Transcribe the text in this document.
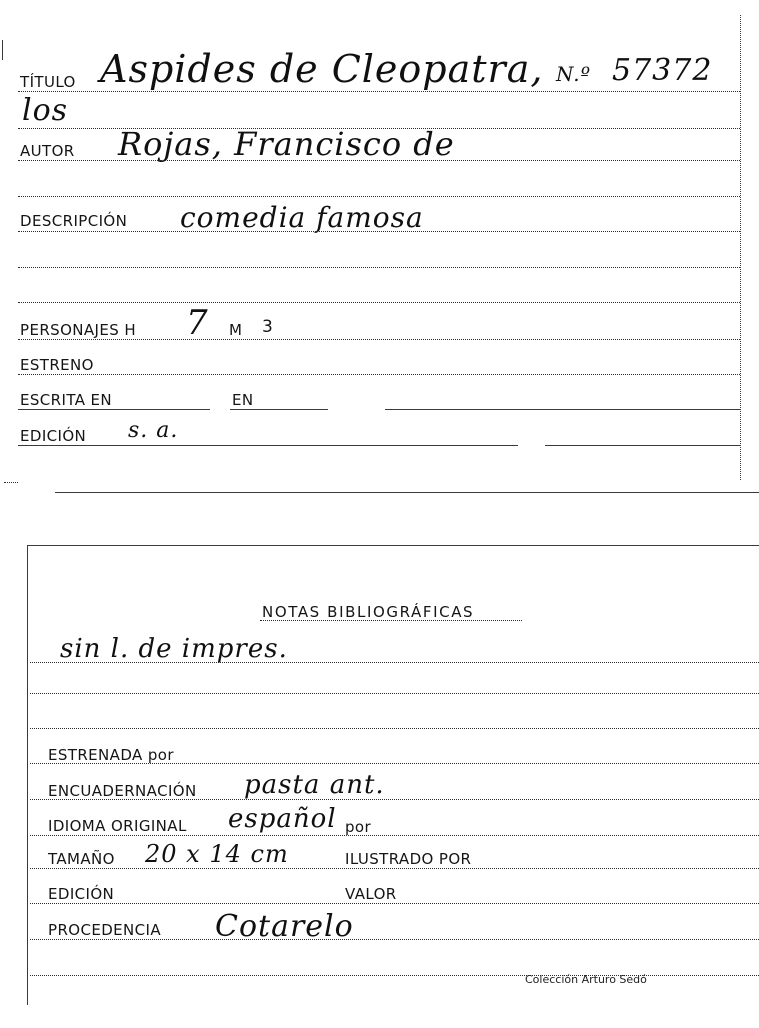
TÍTULO Aspides de Cleopatra, N.º 57372
los
AUTOR Rojas, Francisco de
DESCRIPCIÓN comedia famosa
PERSONAJES H 7 M 3
ESTRENO
ESCRITA EN	EN
EDICIÓN s. a.
NOTAS BIBLIOGRÁFICAS
sin l. de impres.
ESTRENADA por
ENCUADERNACIÓN pasta ant.
IDIOMA ORIGINAL español por
TAMAÑO 20 x 14 cm	ILUSTRADO POR
EDICIÓN	VALOR
PROCEDENCIA Cotarelo
Colección Arturo Sedó
